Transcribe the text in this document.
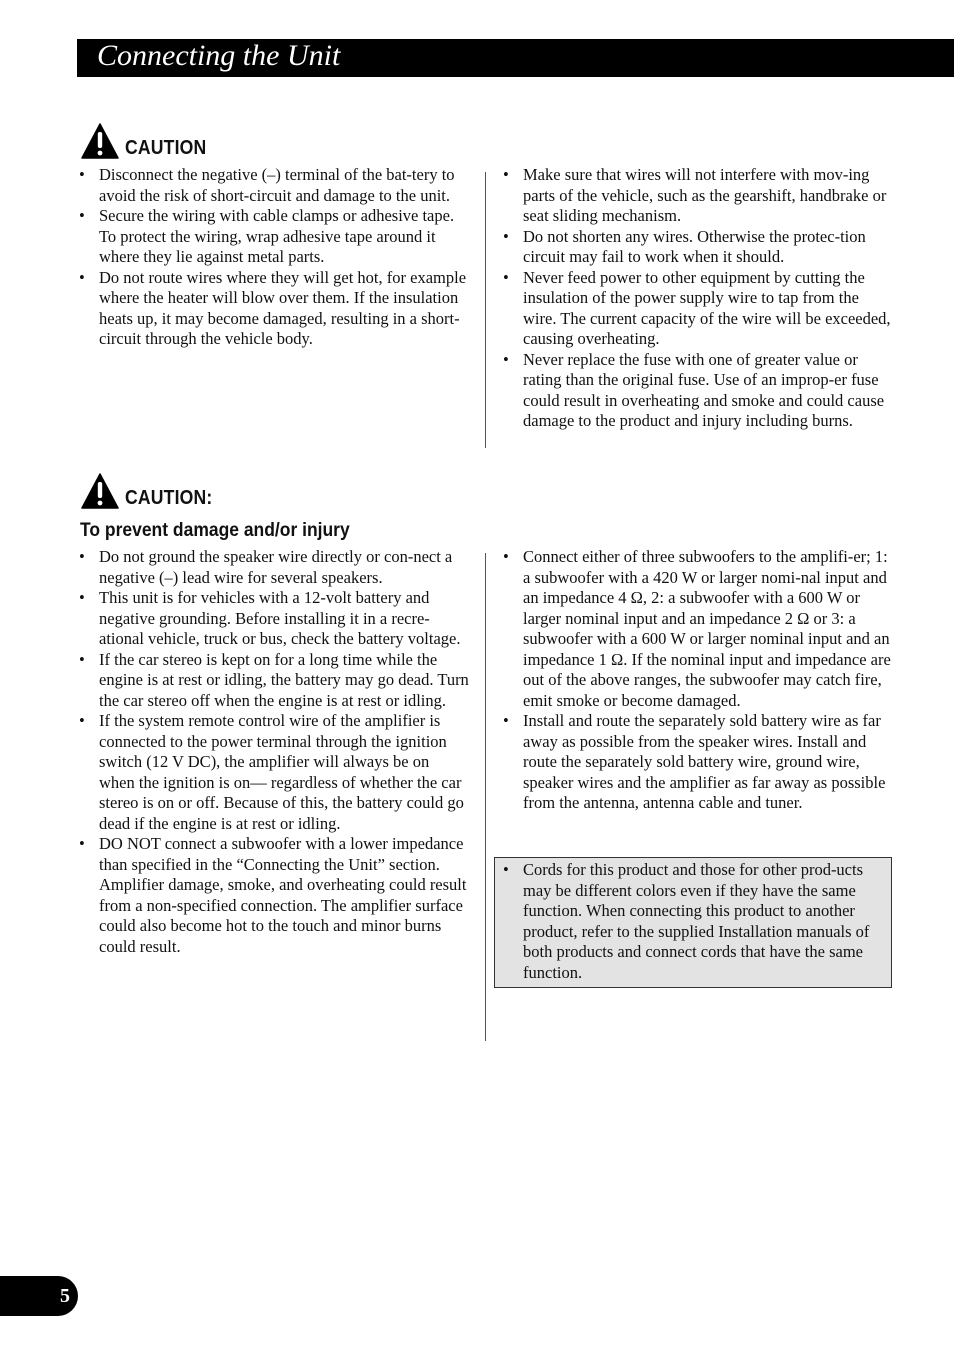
Connecting the Unit
CAUTION
• Disconnect the negative (–) terminal of the bat-tery to avoid the risk of short-circuit and damage to the unit.
• Secure the wiring with cable clamps or adhesive tape. To protect the wiring, wrap adhesive tape around it where they lie against metal parts.
• Do not route wires where they will get hot, for example where the heater will blow over them. If the insulation heats up, it may become damaged, resulting in a short-circuit through the vehicle body.
• Make sure that wires will not interfere with mov-ing parts of the vehicle, such as the gearshift, handbrake or seat sliding mechanism.
• Do not shorten any wires. Otherwise the protec-tion circuit may fail to work when it should.
• Never feed power to other equipment by cutting the insulation of the power supply wire to tap from the wire. The current capacity of the wire will be exceeded, causing overheating.
• Never replace the fuse with one of greater value or rating than the original fuse. Use of an improp-er fuse could result in overheating and smoke and could cause damage to the product and injury including burns.
CAUTION:
To prevent damage and/or injury
• Do not ground the speaker wire directly or con-nect a negative (–) lead wire for several speakers.
• This unit is for vehicles with a 12-volt battery and negative grounding. Before installing it in a recre-ational vehicle, truck or bus, check the battery voltage.
• If the car stereo is kept on for a long time while the engine is at rest or idling, the battery may go dead. Turn the car stereo off when the engine is at rest or idling.
• If the system remote control wire of the amplifier is connected to the power terminal through the ignition switch (12 V DC), the amplifier will always be on when the ignition is on— regardless of whether the car stereo is on or off. Because of this, the battery could go dead if the engine is at rest or idling.
• DO NOT connect a subwoofer with a lower impedance than specified in the “Connecting the Unit” section. Amplifier damage, smoke, and overheating could result from a non-specified connection. The amplifier surface could also become hot to the touch and minor burns could result.
• Connect either of three subwoofers to the amplifi-er; 1: a subwoofer with a 420 W or larger nomi-nal input and an impedance 4 Ω, 2: a subwoofer with a 600 W or larger nominal input and an impedance 2 Ω or 3: a subwoofer with a 600 W or larger nominal input and an impedance 1 Ω. If the nominal input and impedance are out of the above ranges, the subwoofer may catch fire, emit smoke or become damaged.
• Install and route the separately sold battery wire as far away as possible from the speaker wires. Install and route the separately sold battery wire, ground wire, speaker wires and the amplifier as far away as possible from the antenna, antenna cable and tuner.
• Cords for this product and those for other prod-ucts may be different colors even if they have the same function. When connecting this product to another product, refer to the supplied Installation manuals of both products and connect cords that have the same function.
5
